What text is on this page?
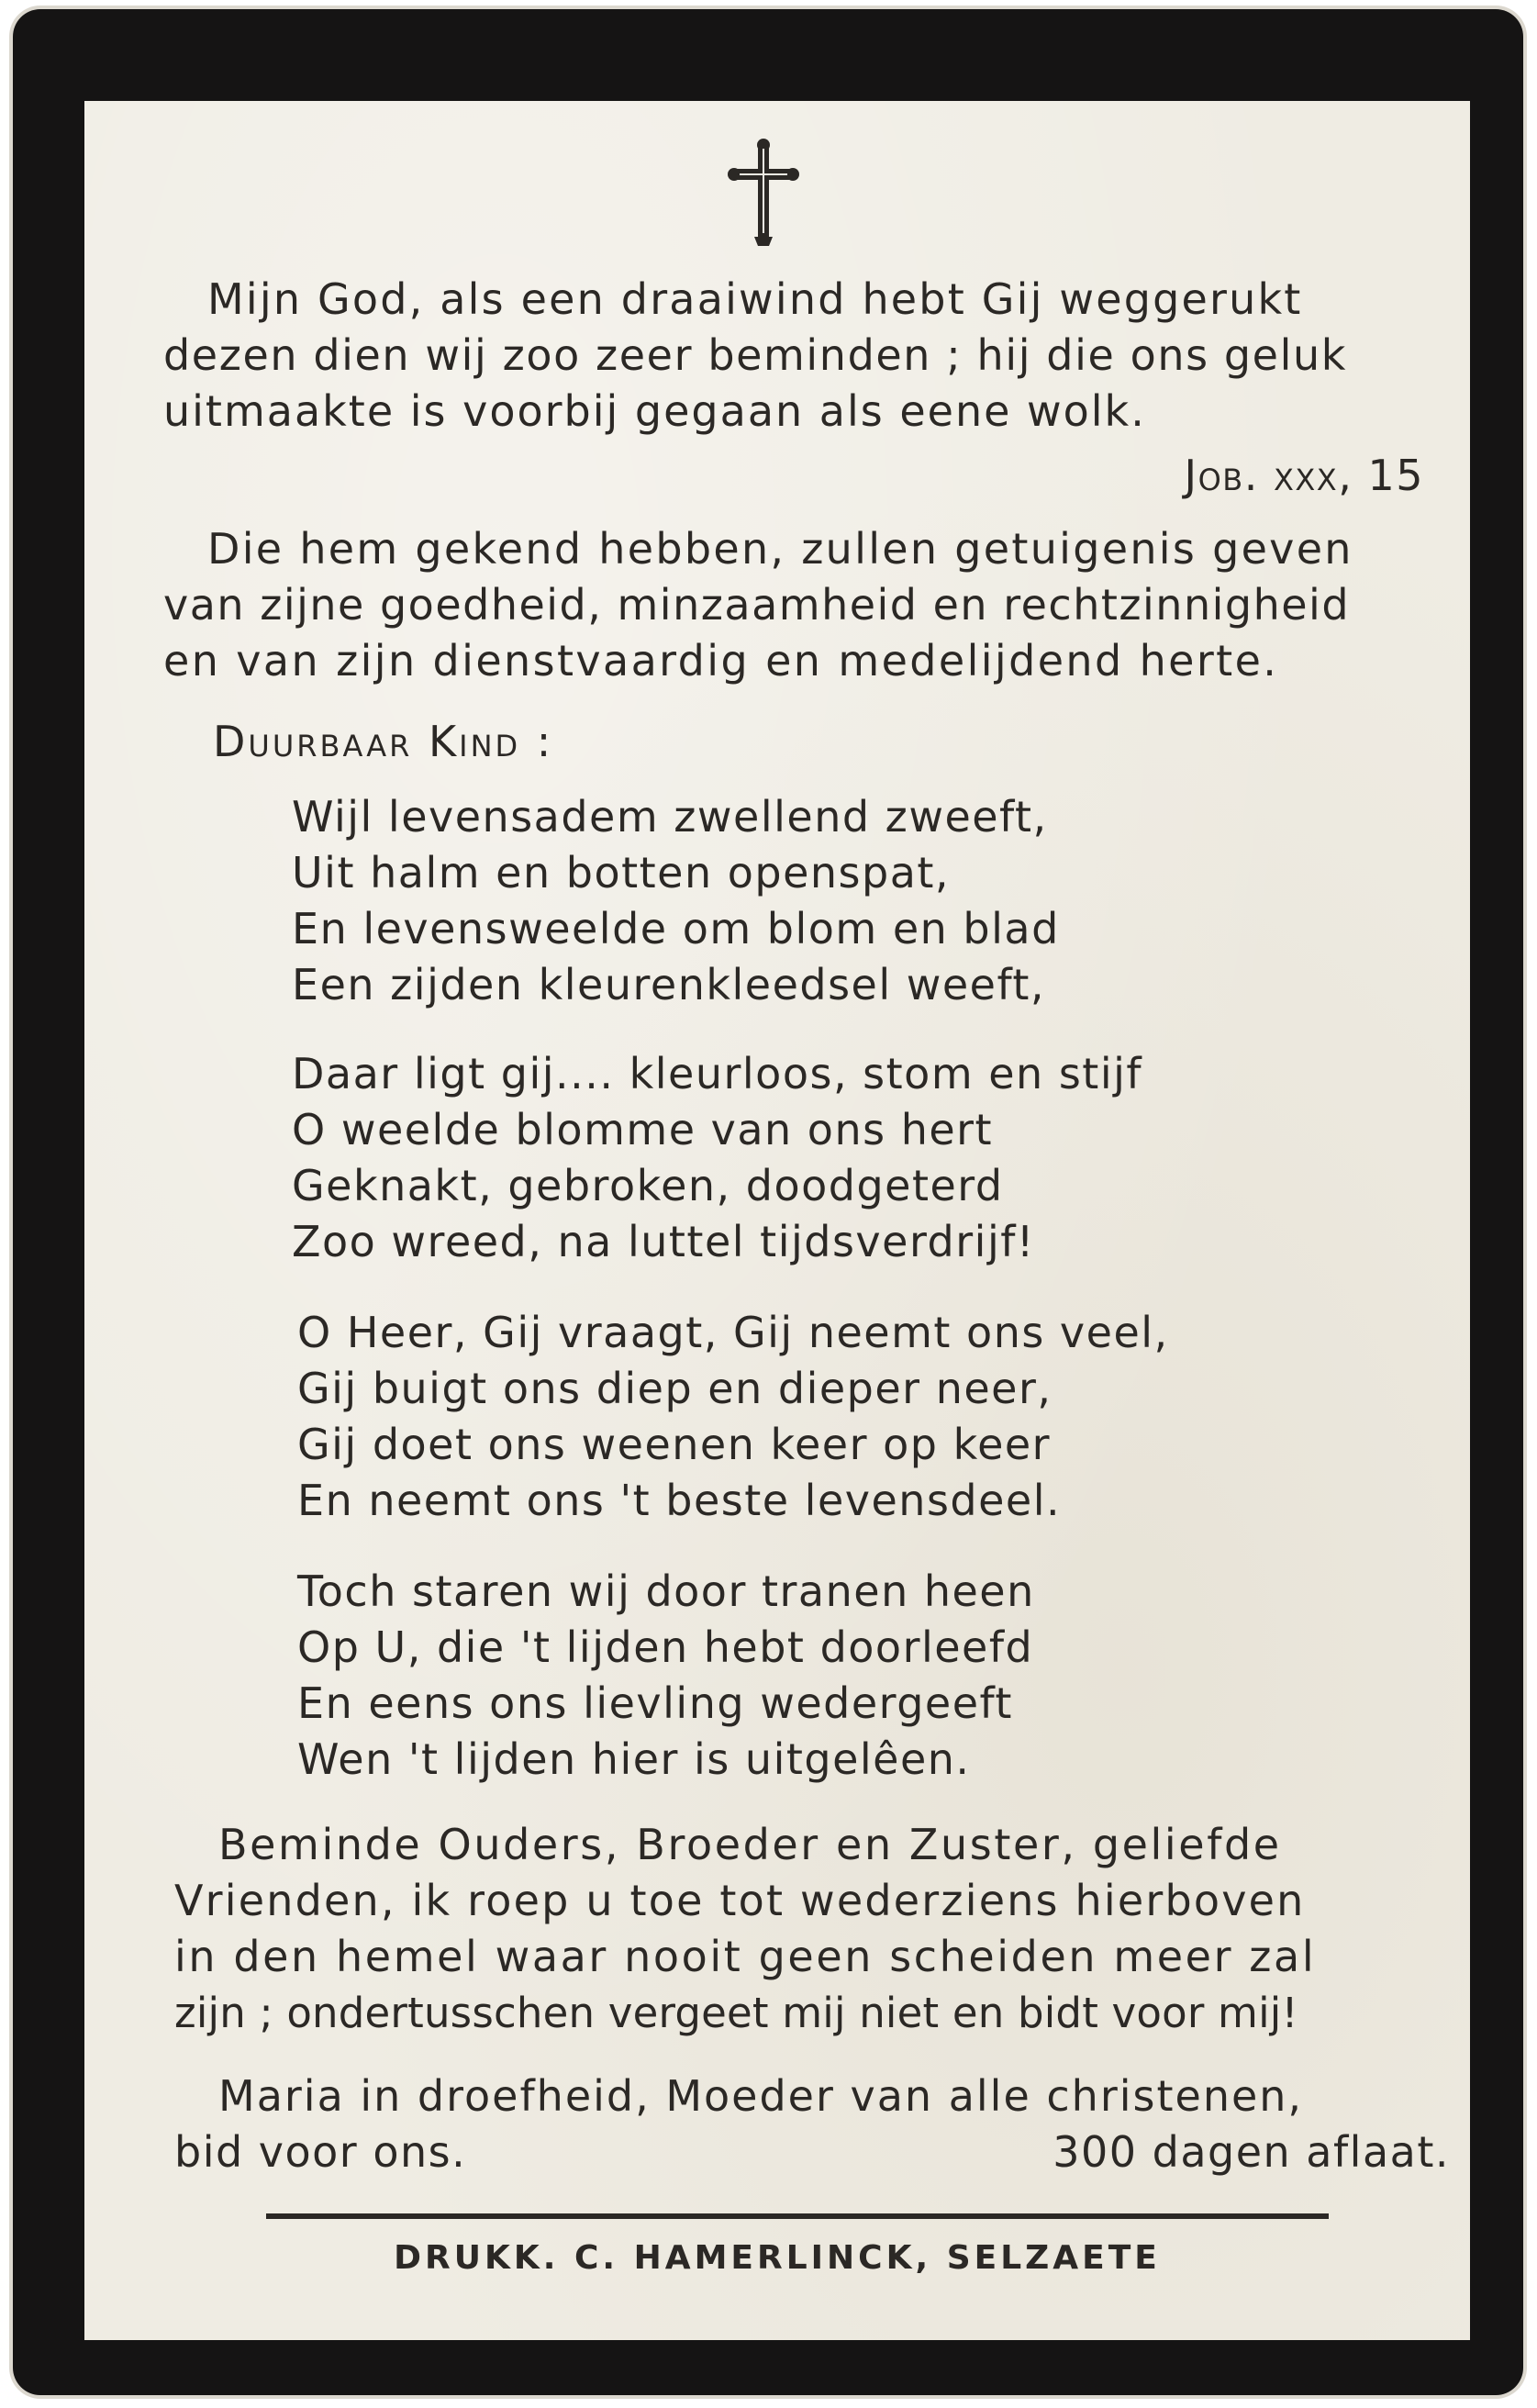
Mijn God, als een draaiwind hebt Gij weggerukt
dezen dien wij zoo zeer beminden ; hij die ons geluk
uitmaakte is voorbij gegaan als eene wolk.
Job. xxx, 15
Die hem gekend hebben, zullen getuigenis geven
van zijne goedheid, minzaamheid en rechtzinnigheid
en van zijn dienstvaardig en medelijdend herte.
Duurbaar Kind :
Wijl levensadem zwellend zweeft,
Uit halm en botten openspat,
En levensweelde om blom en blad
Een zijden kleurenkleedsel weeft,
Daar ligt gij.... kleurloos, stom en stijf
O weelde blomme van ons hert
Geknakt, gebroken, doodgeterd
Zoo wreed, na luttel tijdsverdrijf!
O Heer, Gij vraagt, Gij neemt ons veel,
Gij buigt ons diep en dieper neer,
Gij doet ons weenen keer op keer
En neemt ons 't beste levensdeel.
Toch staren wij door tranen heen
Op U, die 't lijden hebt doorleefd
En eens ons lievling wedergeeft
Wen 't lijden hier is uitgelêen.
Beminde Ouders, Broeder en Zuster, geliefde
Vrienden, ik roep u toe tot wederziens hierboven
in den hemel waar nooit geen scheiden meer zal
zijn ; ondertusschen vergeet mij niet en bidt voor mij!
Maria in droefheid, Moeder van alle christenen,
bid voor ons.	300 dagen aflaat.
DRUKK. C. HAMERLINCK, SELZAETE
